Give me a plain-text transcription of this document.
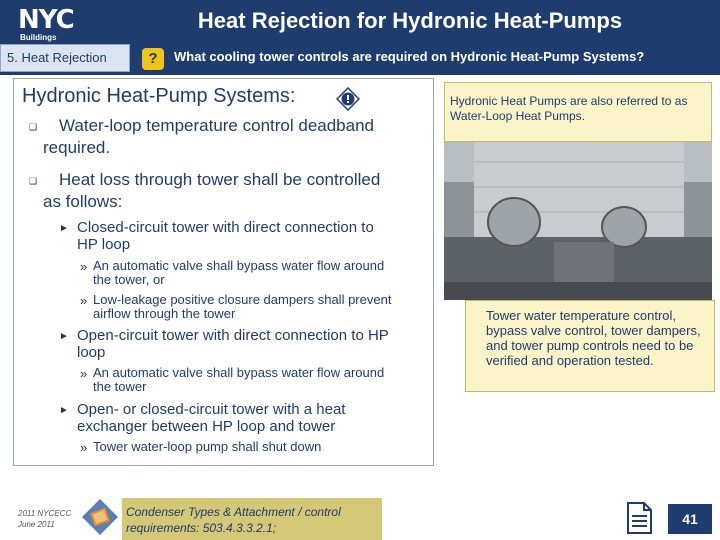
NYC
Buildings
Heat Rejection for Hydronic Heat-Pumps
5. Heat Rejection	?	What cooling tower controls are required on Hydronic Heat-Pump Systems?
Hydronic Heat-Pump Systems:
❑ Water-loop temperature control deadband
required.
❑ Heat loss through tower shall be controlled
as follows:
► Closed-circuit tower with direct connection to
HP loop
» An automatic valve shall bypass water flow around
the tower, or
» Low-leakage positive closure dampers shall prevent
airflow through the tower
► Open-circuit tower with direct connection to HP
loop
» An automatic valve shall bypass water flow around
the tower
► Open- or closed-circuit tower with a heat
exchanger between HP loop and tower
» Tower water-loop pump shall shut down
Hydronic Heat Pumps are also referred to as Water-Loop Heat Pumps.
Tower water temperature control, bypass valve control, tower dampers, and tower pump controls need to be verified and operation tested.
2011 NYCECC
June 2011
Condenser Types & Attachment / control requirements: 503.4.3.3.2.1;
41
